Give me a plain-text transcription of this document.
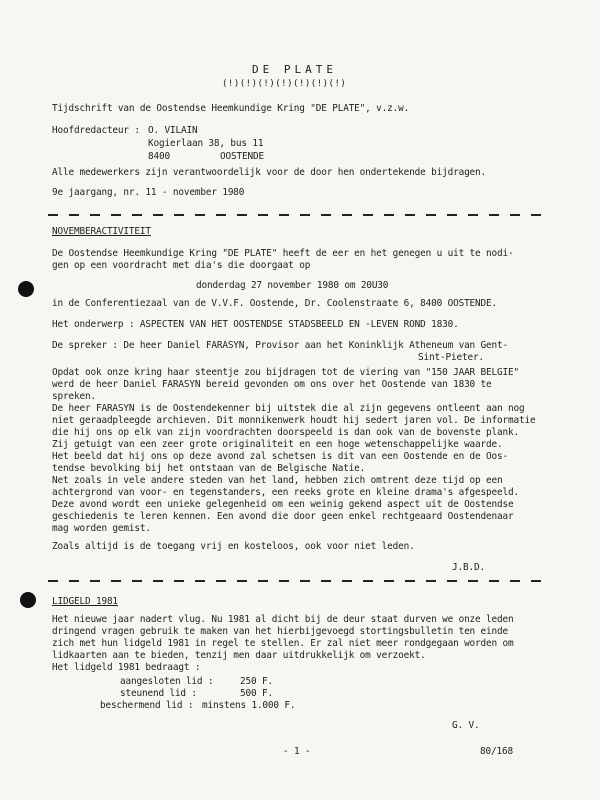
DE PLATE
(!)(!)(!)(!)(!)(!)(!)
Tijdschrift van de Oostendse Heemkundige Kring "DE PLATE", v.z.w.
Hoofdredacteur : O. VILAIN
Kogierlaan 38, bus 11
8400	OOSTENDE
Alle medewerkers zijn verantwoordelijk voor de door hen ondertekende bijdragen.
9e jaargang, nr. 11 - november 1980
NOVEMBERACTIVITEIT
De Oostendse Heemkundige Kring "DE PLATE" heeft de eer en het genegen u uit te nodi-
gen op een voordracht met dia's die doorgaat op
donderdag 27 november 1980 om 20U30
in de Conferentiezaal van de V.V.F. Oostende, Dr. Coolenstraate 6, 8400 OOSTENDE.
Het onderwerp : ASPECTEN VAN HET OOSTENDSE STADSBEELD EN -LEVEN ROND 1830.
De spreker : De heer Daniel FARASYN, Provisor aan het Koninklijk Atheneum van Gent-
Sint-Pieter.
Opdat ook onze kring haar steentje zou bijdragen tot de viering van "150 JAAR BELGIE"
werd de heer Daniel FARASYN bereid gevonden om ons over het Oostende van 1830 te
spreken.
De heer FARASYN is de Oostendekenner bij uitstek die al zijn gegevens ontleent aan nog
niet geraadpleegde archieven. Dit monnikenwerk houdt hij sedert jaren vol. De informatie
die hij ons op elk van zijn voordrachten doorspeeld is dan ook van de bovenste plank.
Zij getuigt van een zeer grote originaliteit en een hoge wetenschappelijke waarde.
Het beeld dat hij ons op deze avond zal schetsen is dit van een Oostende en de Oos-
tendse bevolking bij het ontstaan van de Belgische Natie.
Net zoals in vele andere steden van het land, hebben zich omtrent deze tijd op een
achtergrond van voor- en tegenstanders, een reeks grote en kleine drama's afgespeeld.
Deze avond wordt een unieke gelegenheid om een weinig gekend aspect uit de Oostendse
geschiedenis te leren kennen. Een avond die door geen enkel rechtgeaard Oostendenaar
mag worden gemist.
Zoals altijd is de toegang vrij en kosteloos, ook voor niet leden.
J.B.D.
LIDGELD 1981
Het nieuwe jaar nadert vlug. Nu 1981 al dicht bij de deur staat durven we onze leden
dringend vragen gebruik te maken van het hierbijgevoegd stortingsbulletin ten einde
zich met hun lidgeld 1981 in regel te stellen. Er zal niet meer rondgegaan worden om
lidkaarten aan te bieden, tenzij men daar uitdrukkelijk om verzoekt.
Het lidgeld 1981 bedraagt :
aangesloten lid :	250 F.
steunend lid :	500 F.
beschermend lid : minstens 1.000 F.
G. V.
- 1 -	80/168
